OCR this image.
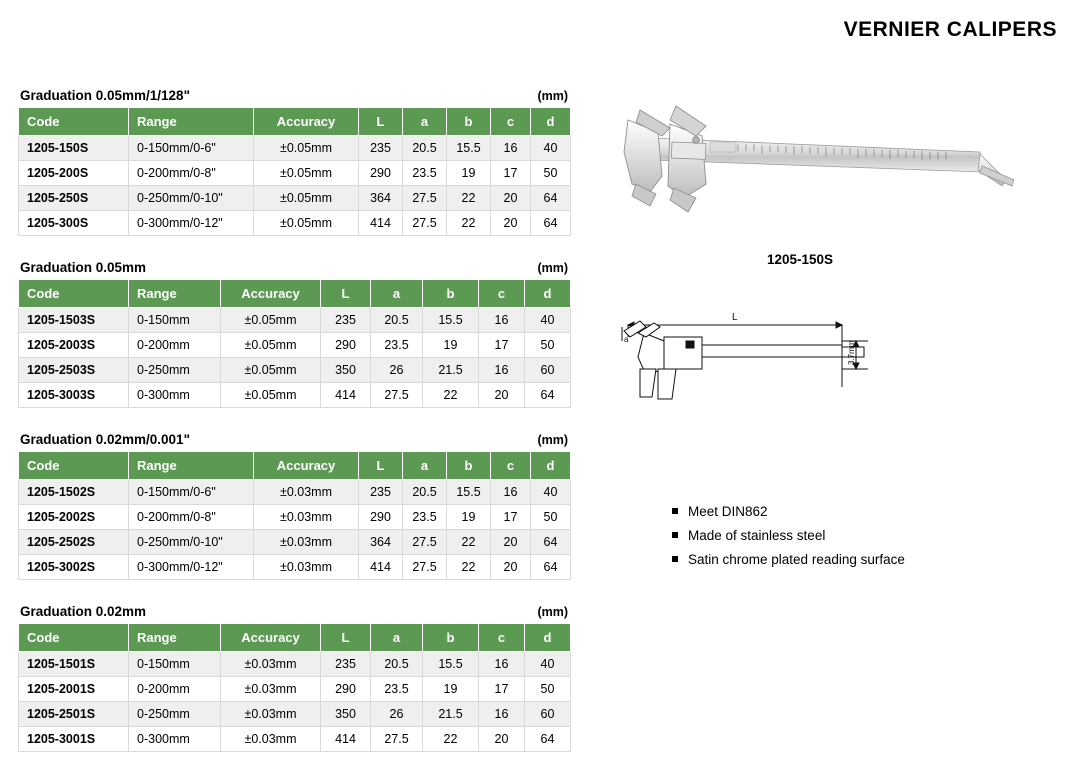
VERNIER CALIPERS
Graduation 0.05mm/1/128"	(mm)
Code	Range	Accuracy	L	a	b	c	d
1205-150S	0-150mm/0-6"	±0.05mm	235	20.5	15.5	16	40
1205-200S	0-200mm/0-8"	±0.05mm	290	23.5	19	17	50
1205-250S	0-250mm/0-10"	±0.05mm	364	27.5	22	20	64
1205-300S	0-300mm/0-12"	±0.05mm	414	27.5	22	20	64
Graduation 0.05mm	(mm)
Code	Range	Accuracy	L	a	b	c	d
1205-1503S	0-150mm	±0.05mm	235	20.5	15.5	16	40
1205-2003S	0-200mm	±0.05mm	290	23.5	19	17	50
1205-2503S	0-250mm	±0.05mm	350	26	21.5	16	60
1205-3003S	0-300mm	±0.05mm	414	27.5	22	20	64
Graduation 0.02mm/0.001"	(mm)
Code	Range	Accuracy	L	a	b	c	d
1205-1502S	0-150mm/0-6"	±0.03mm	235	20.5	15.5	16	40
1205-2002S	0-200mm/0-8"	±0.03mm	290	23.5	19	17	50
1205-2502S	0-250mm/0-10"	±0.03mm	364	27.5	22	20	64
1205-3002S	0-300mm/0-12"	±0.03mm	414	27.5	22	20	64
Graduation 0.02mm	(mm)
Code	Range	Accuracy	L	a	b	c	d
1205-1501S	0-150mm	±0.03mm	235	20.5	15.5	16	40
1205-2001S	0-200mm	±0.03mm	290	23.5	19	17	50
1205-2501S	0-250mm	±0.03mm	350	26	21.5	16	60
1205-3001S	0-300mm	±0.03mm	414	27.5	22	20	64
1205-150S
L
a
3.7mm
Meet DIN862
Made of stainless steel
Satin chrome plated reading surface
